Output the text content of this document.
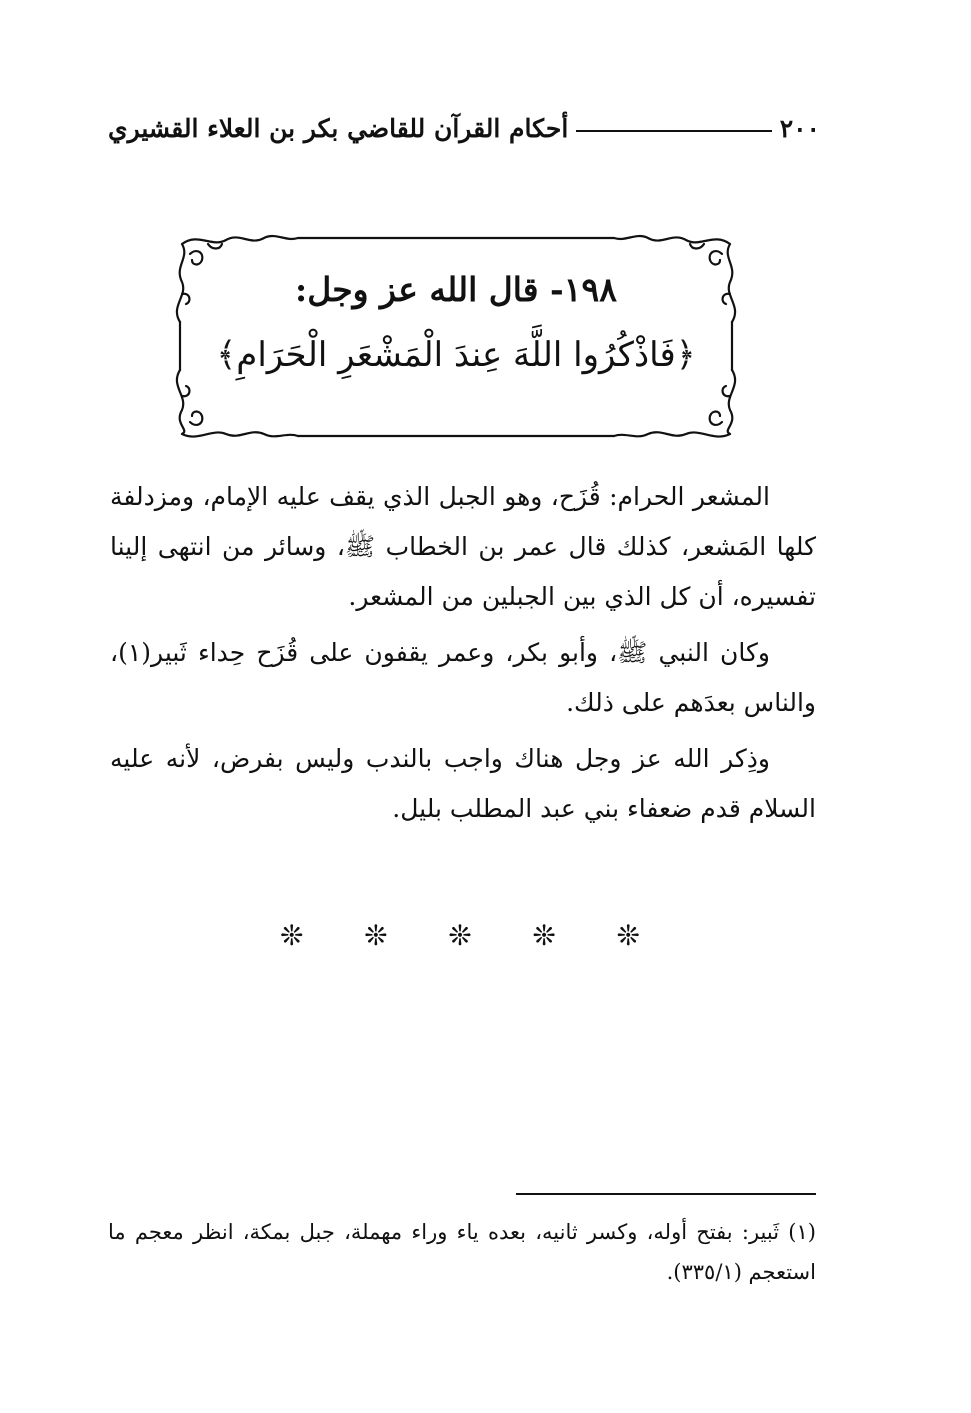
٢٠٠
أحكام القرآن للقاضي بكر بن العلاء القشيري
١٩٨- قال الله عز وجل:
﴿فَاذْكُرُوا اللَّهَ عِندَ الْمَشْعَرِ الْحَرَامِ﴾

المشعر الحرام: قُزَح، وهو الجبل الذي يقف عليه الإمام، ومزدلفة كلها المَشعر، كذلك قال عمر بن الخطاب ﷺ، وسائر من انتهى إلينا تفسيره، أن كل الذي بين الجبلين من المشعر.

وكان النبي ﷺ، وأبو بكر، وعمر يقفون على قُزَح حِداء ثَبير(١)، والناس بعدَهم على ذلك.

وذِكر الله عز وجل هناك واجب بالندب وليس بفرض، لأنه عليه السلام قدم ضعفاء بني عبد المطلب بليل.

❊ ❊ ❊ ❊ ❊
(١) ثَبير: بفتح أوله، وكسر ثانيه، بعده ياء وراء مهملة، جبل بمكة، انظر معجم ما استعجم (٣٣٥/١).
